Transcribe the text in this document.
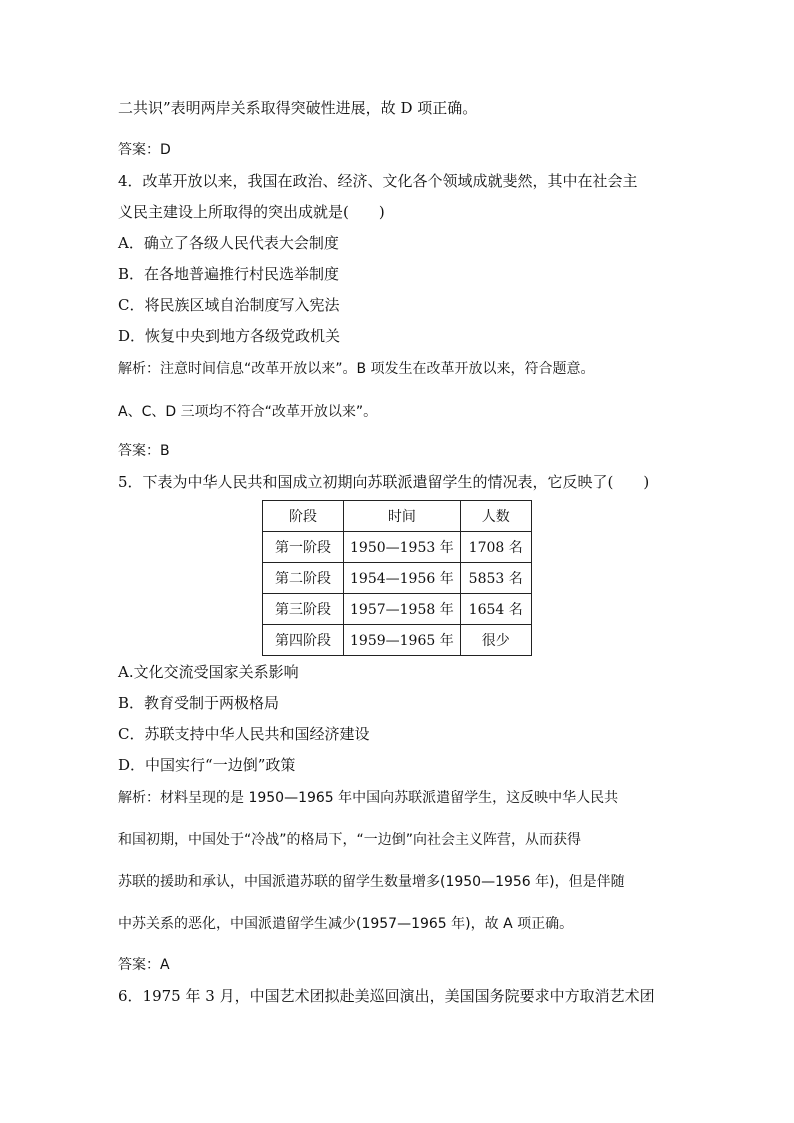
二共识”表明两岸关系取得突破性进展，故 D 项正确。
答案：D
4．改革开放以来，我国在政治、经济、文化各个领域成就斐然，其中在社会主
义民主建设上所取得的突出成就是(　　)
A．确立了各级人民代表大会制度
B．在各地普遍推行村民选举制度
C．将民族区域自治制度写入宪法
D．恢复中央到地方各级党政机关
解析：注意时间信息“改革开放以来”。B 项发生在改革开放以来，符合题意。
A、C、D 三项均不符合“改革开放以来”。
答案：B
5．下表为中华人民共和国成立初期向苏联派遣留学生的情况表，它反映了(　　)
阶段	时间	人数
第一阶段	1950—1953 年	1708 名
第二阶段	1954—1956 年	5853 名
第三阶段	1957—1958 年	1654 名
第四阶段	1959—1965 年	很少
A.文化交流受国家关系影响
B．教育受制于两极格局
C．苏联支持中华人民共和国经济建设
D．中国实行“一边倒”政策
解析：材料呈现的是 1950—1965 年中国向苏联派遣留学生，这反映中华人民共
和国初期，中国处于“冷战”的格局下，“一边倒”向社会主义阵营，从而获得
苏联的援助和承认，中国派遣苏联的留学生数量增多(1950—1956 年)，但是伴随
中苏关系的恶化，中国派遣留学生减少(1957—1965 年)，故 A 项正确。
答案：A
6．1975 年 3 月，中国艺术团拟赴美巡回演出，美国国务院要求中方取消艺术团
